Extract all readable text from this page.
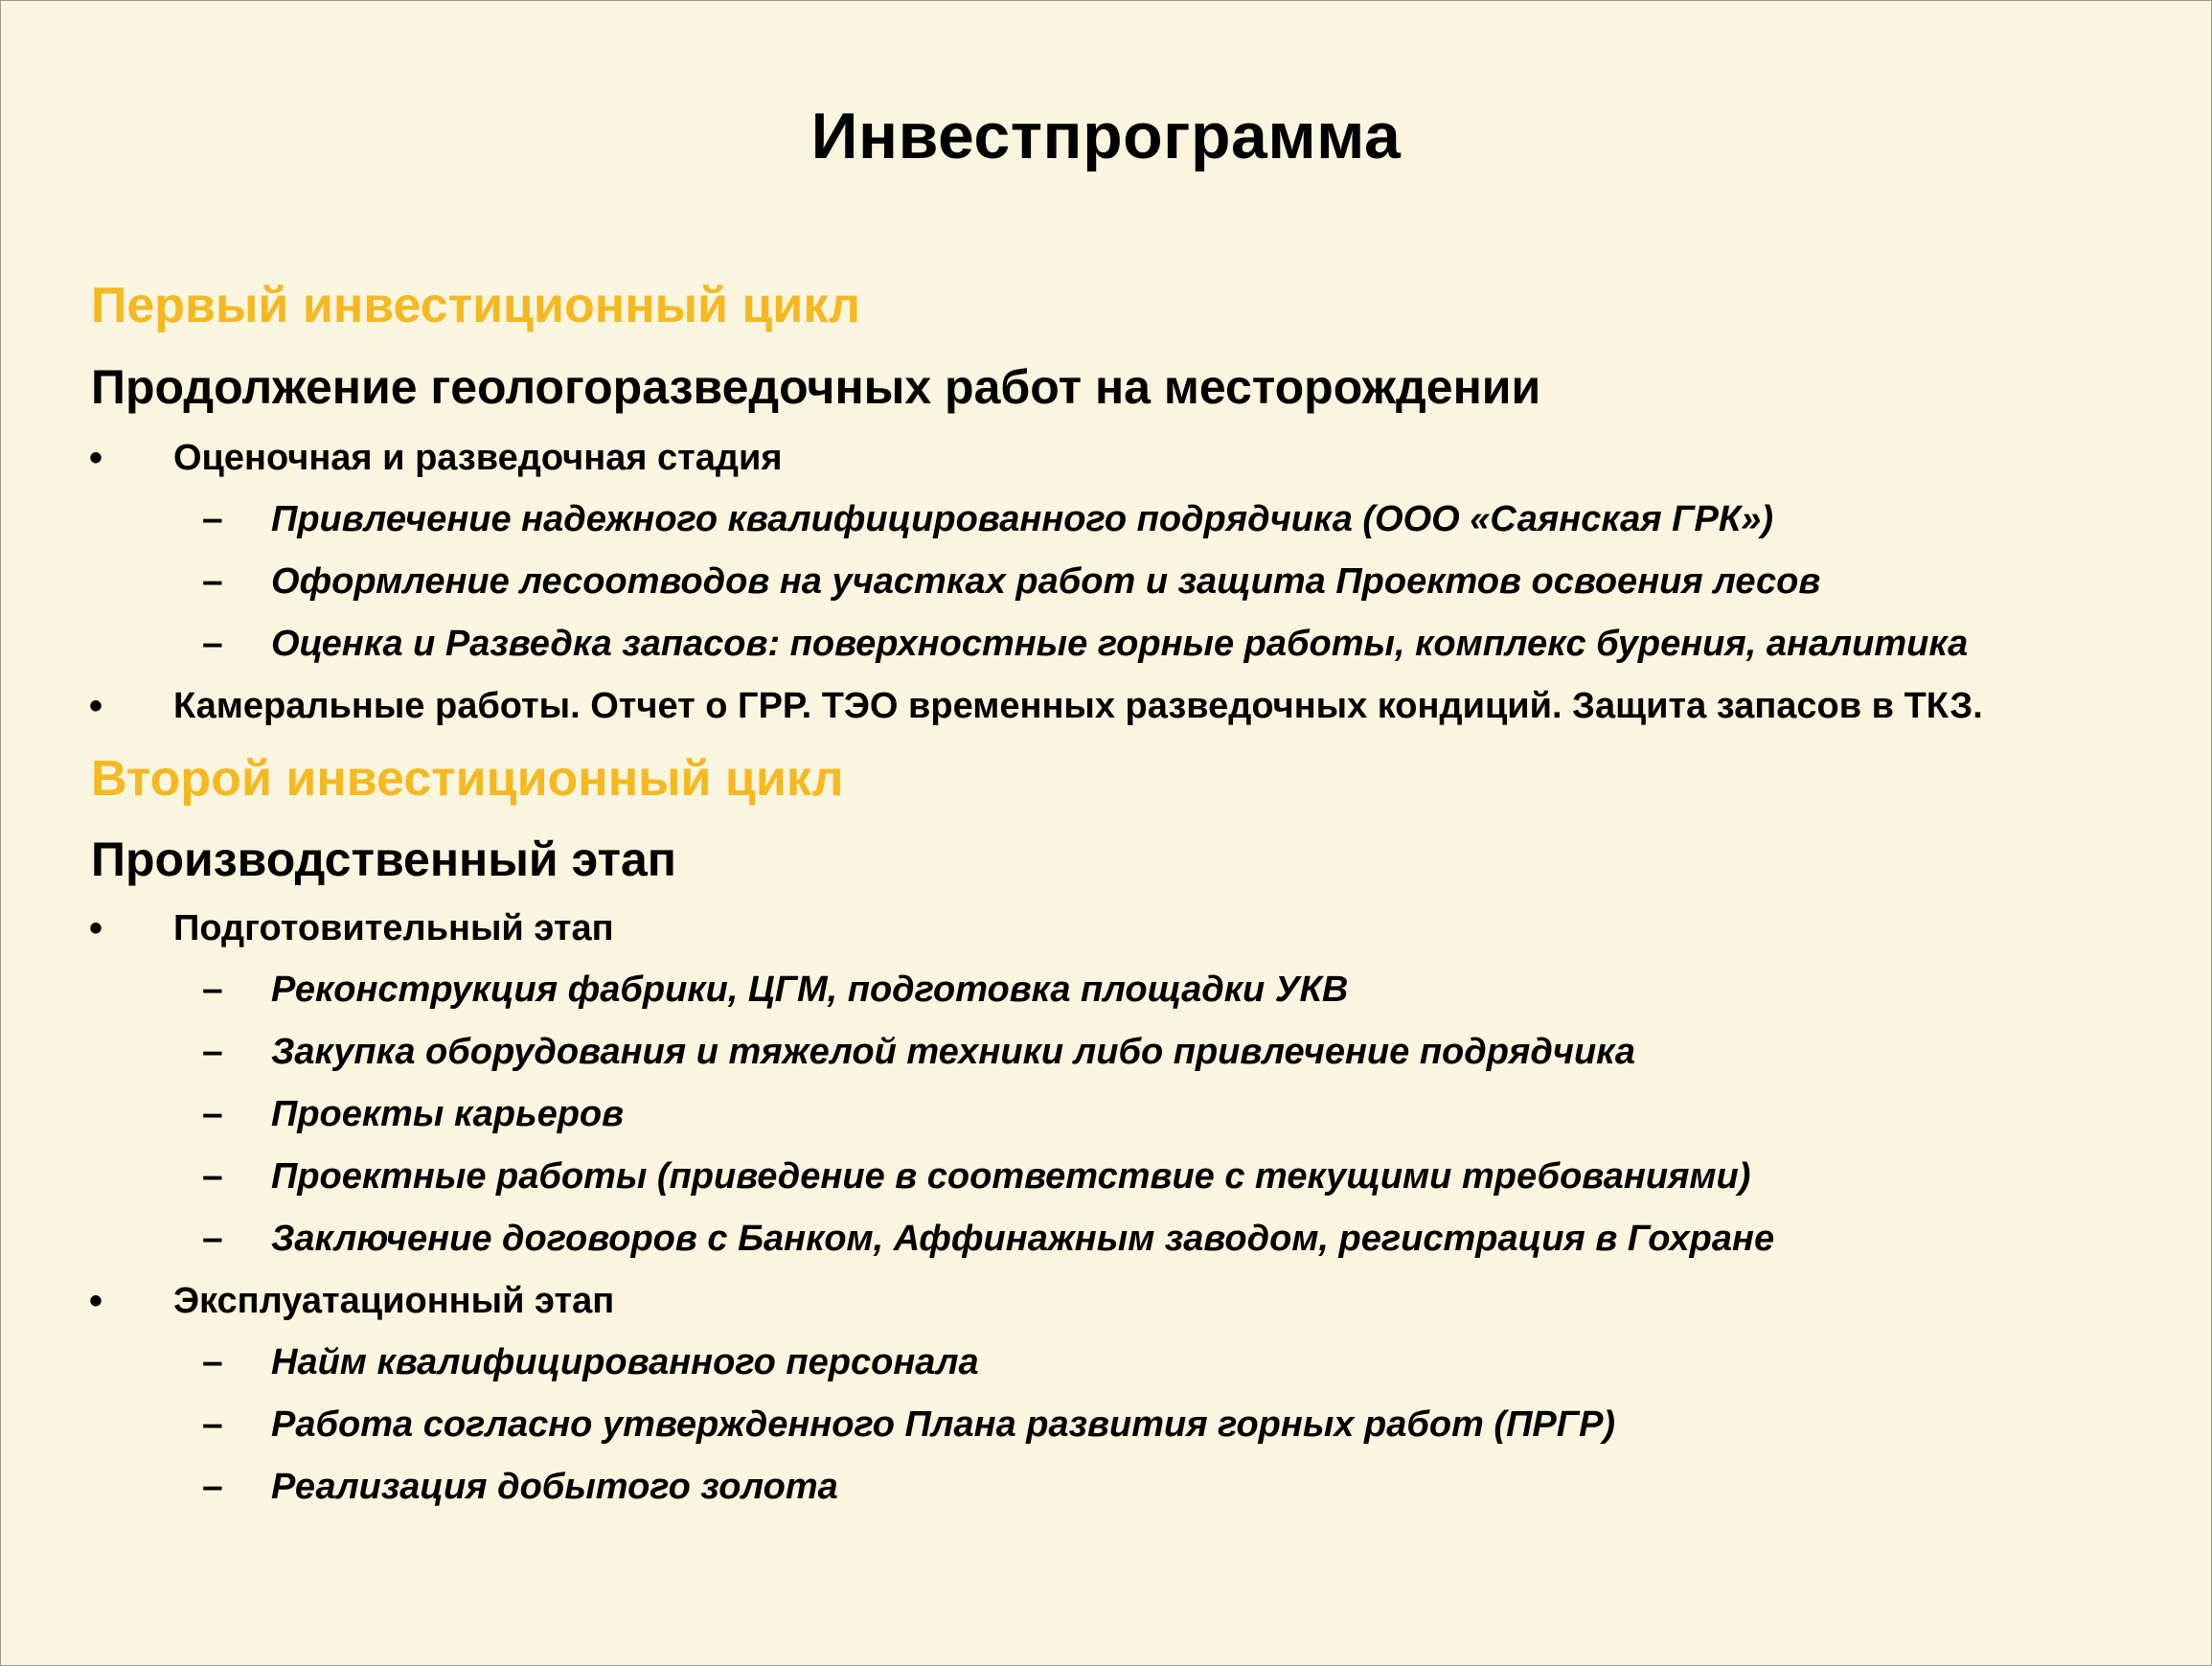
Инвестпрограмма
Первый инвестиционный цикл
Продолжение геологоразведочных работ на месторождении
• Оценочная и разведочная стадия
– Привлечение надежного квалифицированного подрядчика (ООО «Саянская ГРК»)
– Оформление лесоотводов на участках работ и защита Проектов освоения лесов
– Оценка и Разведка запасов: поверхностные горные работы, комплекс бурения, аналитика
• Камеральные работы. Отчет о ГРР. ТЭО временных разведочных кондиций. Защита запасов в ТКЗ.
Второй инвестиционный цикл
Производственный этап
• Подготовительный этап
– Реконструкция фабрики, ЦГМ, подготовка площадки УКВ
– Закупка оборудования и тяжелой техники либо привлечение подрядчика
– Проекты карьеров
– Проектные работы (приведение в соответствие с текущими требованиями)
– Заключение договоров с Банком, Аффинажным заводом, регистрация в Гохране
• Эксплуатационный этап
– Найм квалифицированного персонала
– Работа согласно утвержденного Плана развития горных работ (ПРГР)
– Реализация добытого золота
